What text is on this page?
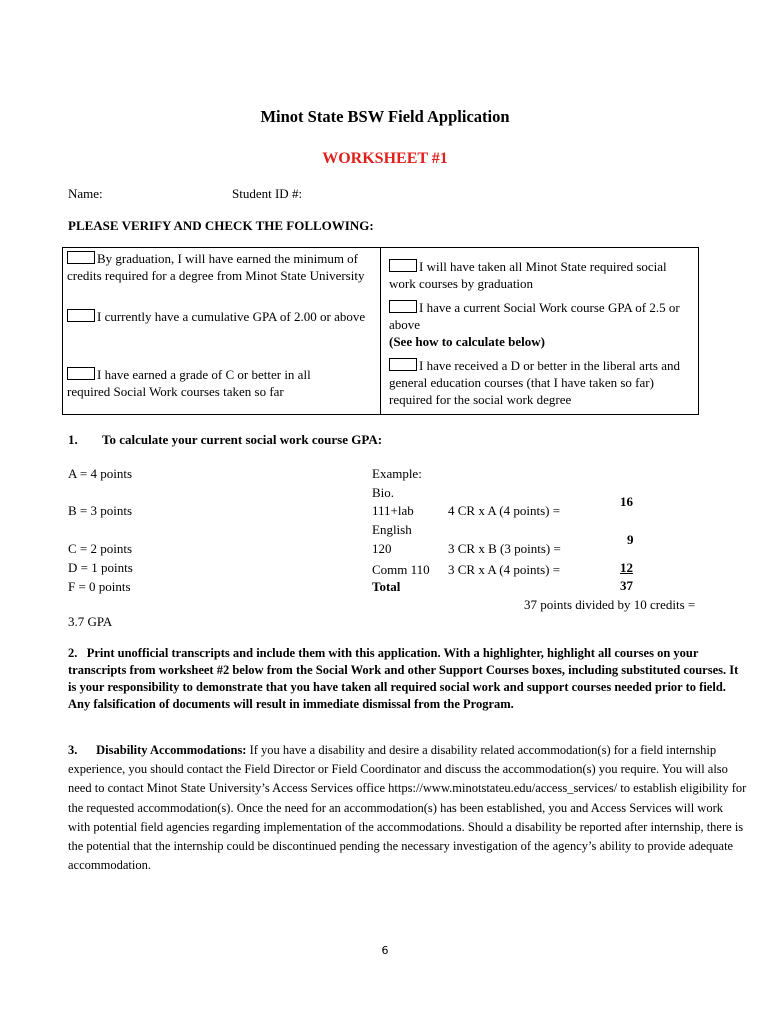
Minot State BSW Field Application
WORKSHEET #1
Name:	Student ID #:
PLEASE VERIFY AND CHECK THE FOLLOWING:
By graduation, I will have earned the minimum of credits required for a degree from Minot State University
I currently have a cumulative GPA of 2.00 or above
I have earned a grade of C or better in all required Social Work courses taken so far
I will have taken all Minot State required social work courses by graduation
I have a current Social Work course GPA of 2.5 or above
(See how to calculate below)
I have received a D or better in the liberal arts and general education courses (that I have taken so far) required for the social work degree
1. To calculate your current social work course GPA:
A = 4 points
B = 3 points
C = 2 points
D = 1 points
F = 0 points
Example:
Bio.
111+lab	4 CR x A (4 points) =
16
English
120	3 CR x B (3 points) =
9
Comm 110 3 CR x A (4 points) =	12
Total	37
37 points divided by 10 credits =
3.7 GPA
2. Print unofficial transcripts and include them with this application. With a highlighter, highlight all courses on your transcripts from worksheet #2 below from the Social Work and other Support Courses boxes, including substituted courses. It is your responsibility to demonstrate that you have taken all required social work and support courses needed prior to field. Any falsification of documents will result in immediate dismissal from the Program.
3. Disability Accommodations: If you have a disability and desire a disability related accommodation(s) for a field internship experience, you should contact the Field Director or Field Coordinator and discuss the accommodation(s) you require. You will also need to contact Minot State University’s Access Services office https://www.minotstateu.edu/access_services/ to establish eligibility for the requested accommodation(s). Once the need for an accommodation(s) has been established, you and Access Services will work with potential field agencies regarding implementation of the accommodations. Should a disability be reported after internship, there is the potential that the internship could be discontinued pending the necessary investigation of the agency’s ability to provide adequate accommodation.
6
